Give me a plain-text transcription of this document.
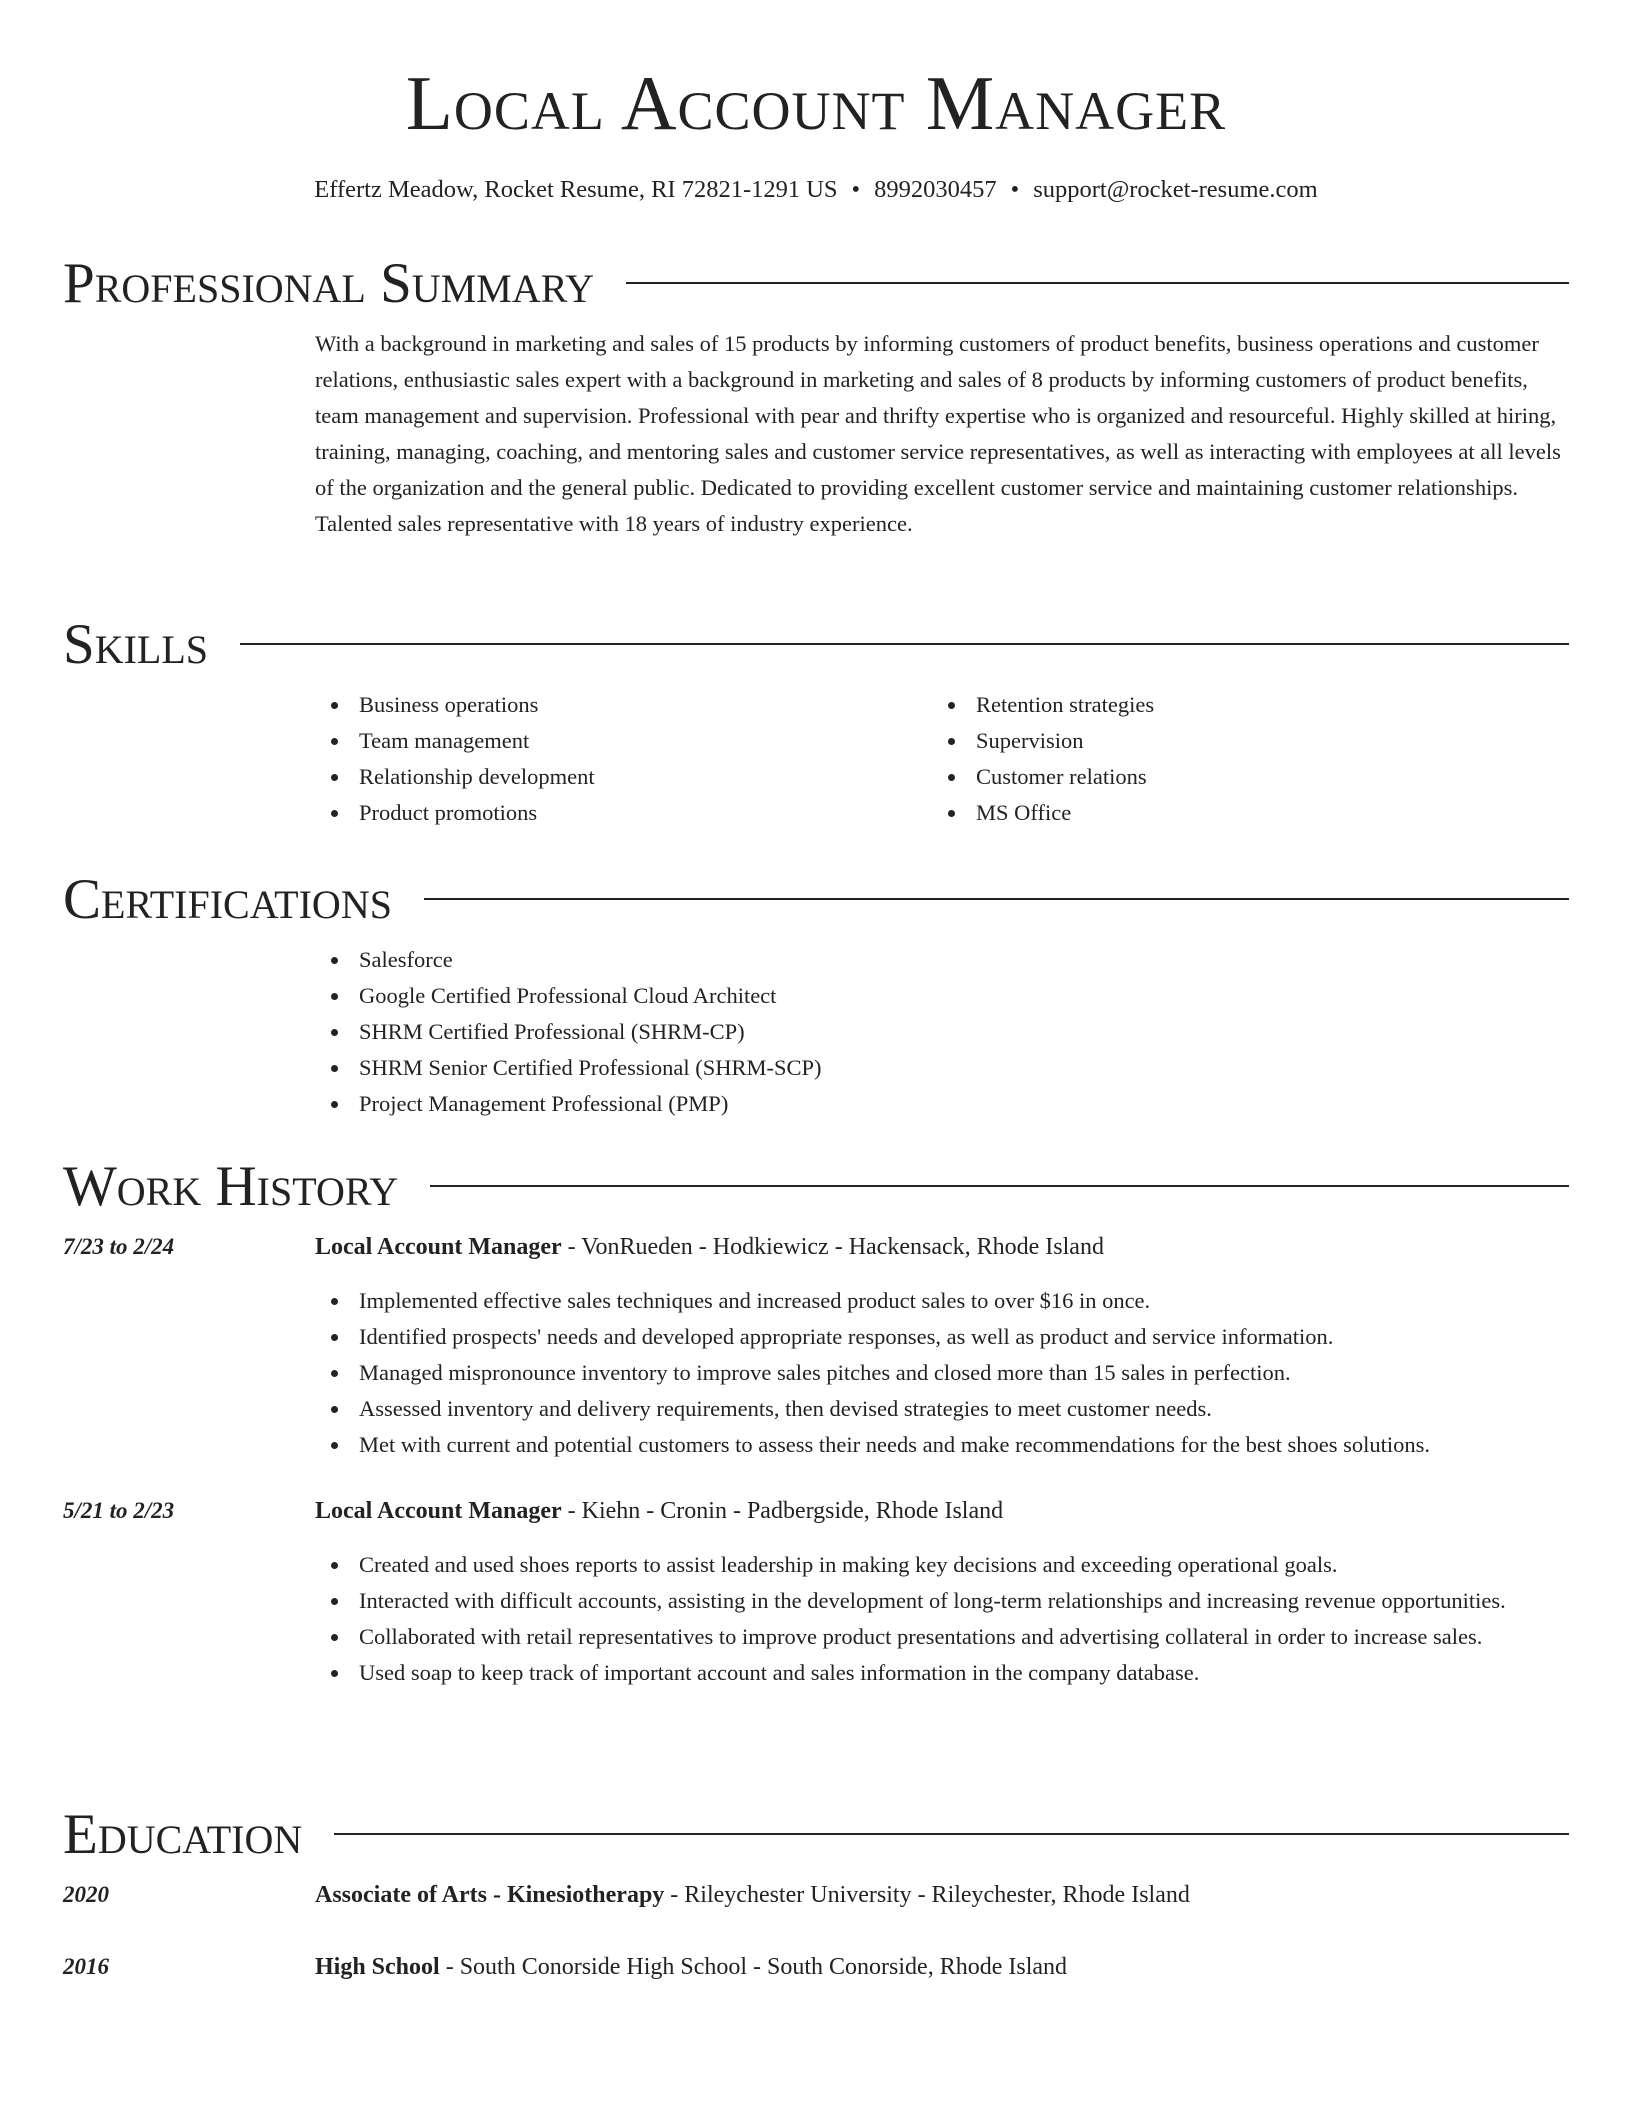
Local Account Manager
Effertz Meadow, Rocket Resume, RI 72821-1291 US • 8992030457 • support@rocket-resume.com
Professional Summary

With a background in marketing and sales of 15 products by informing customers of product benefits, business operations and customer relations, enthusiastic sales expert with a background in marketing and sales of 8 products by informing customers of product benefits, team management and supervision. Professional with pear and thrifty expertise who is organized and resourceful. Highly skilled at hiring, training, managing, coaching, and mentoring sales and customer service representatives, as well as interacting with employees at all levels of the organization and the general public. Dedicated to providing excellent customer service and maintaining customer relationships. Talented sales representative with 18 years of industry experience.

Skills
Business operations
Team management
Relationship development
Product promotions
Retention strategies
Supervision
Customer relations
MS Office
Certifications
Salesforce
Google Certified Professional Cloud Architect
SHRM Certified Professional (SHRM-CP)
SHRM Senior Certified Professional (SHRM-SCP)
Project Management Professional (PMP)
Work History
7/23 to 2/24	Local Account Manager - VonRueden - Hodkiewicz - Hackensack, Rhode Island
Implemented effective sales techniques and increased product sales to over $16 in once.
Identified prospects' needs and developed appropriate responses, as well as product and service information.
Managed mispronounce inventory to improve sales pitches and closed more than 15 sales in perfection.
Assessed inventory and delivery requirements, then devised strategies to meet customer needs.
Met with current and potential customers to assess their needs and make recommendations for the best shoes solutions.
5/21 to 2/23	Local Account Manager - Kiehn - Cronin - Padbergside, Rhode Island
Created and used shoes reports to assist leadership in making key decisions and exceeding operational goals.
Interacted with difficult accounts, assisting in the development of long-term relationships and increasing revenue opportunities.
Collaborated with retail representatives to improve product presentations and advertising collateral in order to increase sales.
Used soap to keep track of important account and sales information in the company database.
Education
2020	Associate of Arts - Kinesiotherapy - Rileychester University - Rileychester, Rhode Island
2016	High School - South Conorside High School - South Conorside, Rhode Island
